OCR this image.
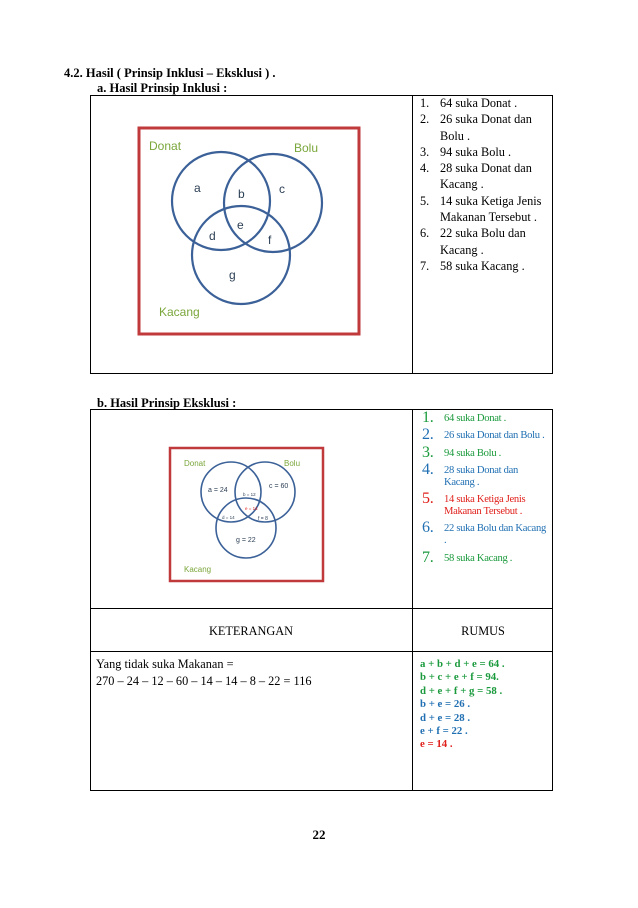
4.2. Hasil ( Prinsip Inklusi – Eksklusi ) .
a. Hasil Prinsip Inklusi :
Donat	Bolu
Kacang
a	b	c
d
e
f
g
1. 64 suka Donat .
2. 26 suka Donat dan Bolu .
3. 94 suka Bolu .
4. 28 suka Donat dan Kacang .
5. 14 suka Ketiga Jenis Makanan Tersebut .
6. 22 suka Bolu dan Kacang .
7. 58 suka Kacang .
b. Hasil Prinsip Eksklusi :
Donat	Bolu
Kacang
a = 24
b = 12
c = 60
d = 14
e = 14
f = 8
g = 22
1. 64 suka Donat .
2. 26 suka Donat dan Bolu .
3. 94 suka Bolu .
4. 28 suka Donat dan Kacang .
5. 14 suka Ketiga Jenis Makanan Tersebut .
6. 22 suka Bolu dan Kacang .
7. 58 suka Kacang .
KETERANGAN	RUMUS
Yang tidak suka Makanan =
270 – 24 – 12 – 60 – 14 – 14 – 8 – 22 = 116
a + b + d + e = 64 .
b + c + e + f = 94.
d + e + f + g = 58 .
b + e = 26 .
d + e = 28 .
e + f = 22 .
e = 14 .
22
